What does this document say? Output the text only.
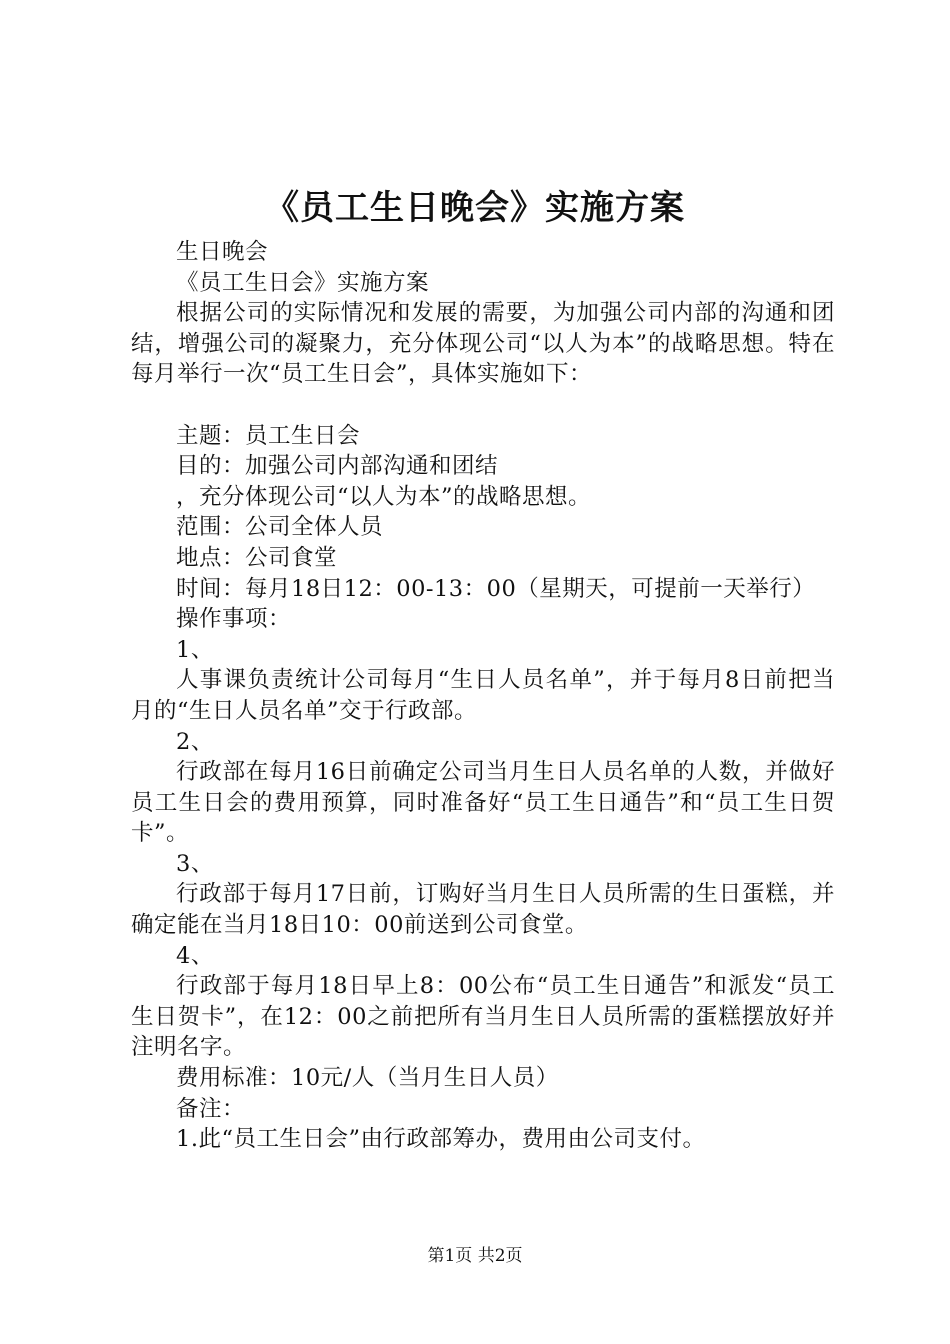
《员工生日晚会》实施方案

生日晚会

《员工生日会》实施方案

根据公司的实际情况和发展的需要，为加强公司内部的沟通和团结，增强公司的凝聚力，充分体现公司“以人为本”的战略思想。特在每月举行一次“员工生日会”，具体实施如下：

主题：员工生日会

目的：加强公司内部沟通和团结

，充分体现公司“以人为本”的战略思想。

范围：公司全体人员

地点：公司食堂

时间：每月18日12：00-13：00（星期天，可提前一天举行）

操作事项：

1、

人事课负责统计公司每月“生日人员名单”，并于每月8日前把当月的“生日人员名单”交于行政部。

2、

行政部在每月16日前确定公司当月生日人员名单的人数，并做好员工生日会的费用预算，同时准备好“员工生日通告”和“员工生日贺卡”。

3、

行政部于每月17日前，订购好当月生日人员所需的生日蛋糕，并确定能在当月18日10：00前送到公司食堂。

4、

行政部于每月18日早上8：00公布“员工生日通告”和派发“员工生日贺卡”，在12：00之前把所有当月生日人员所需的蛋糕摆放好并注明名字。

费用标准：10元/人（当月生日人员）

备注：

1.此“员工生日会”由行政部筹办，费用由公司支付。

第1页 共2页
